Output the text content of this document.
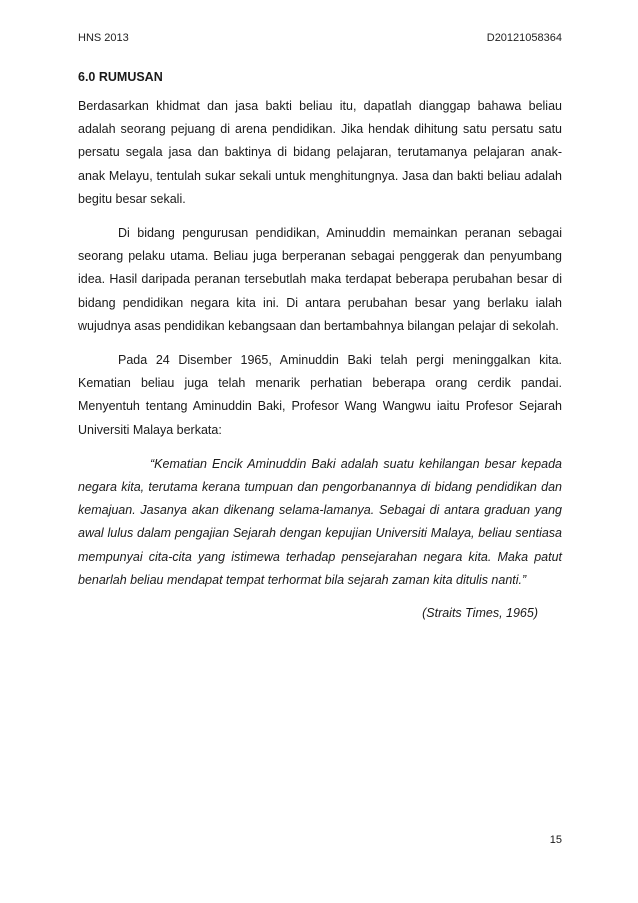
HNS 2013	D20121058364
6.0 RUMUSAN

Berdasarkan khidmat dan jasa bakti beliau itu, dapatlah dianggap bahawa beliau adalah seorang pejuang di arena pendidikan. Jika hendak dihitung satu persatu satu persatu segala jasa dan baktinya di bidang pelajaran, terutamanya pelajaran anak-anak Melayu, tentulah sukar sekali untuk menghitungnya. Jasa dan bakti beliau adalah begitu besar sekali.

Di bidang pengurusan pendidikan, Aminuddin memainkan peranan sebagai seorang pelaku utama. Beliau juga berperanan sebagai penggerak dan penyumbang idea. Hasil daripada peranan tersebutlah maka terdapat beberapa perubahan besar di bidang pendidikan negara kita ini. Di antara perubahan besar yang berlaku ialah wujudnya asas pendidikan kebangsaan dan bertambahnya bilangan pelajar di sekolah.

Pada 24 Disember 1965, Aminuddin Baki telah pergi meninggalkan kita. Kematian beliau juga telah menarik perhatian beberapa orang cerdik pandai. Menyentuh tentang Aminuddin Baki, Profesor Wang Wangwu iaitu Profesor Sejarah Universiti Malaya berkata:

“Kematian Encik Aminuddin Baki adalah suatu kehilangan besar kepada negara kita, terutama kerana tumpuan dan pengorbanannya di bidang pendidikan dan kemajuan. Jasanya akan dikenang selama-lamanya. Sebagai di antara graduan yang awal lulus dalam pengajian Sejarah dengan kepujian Universiti Malaya, beliau sentiasa mempunyai cita-cita yang istimewa terhadap pensejarahan negara kita. Maka patut benarlah beliau mendapat tempat terhormat bila sejarah zaman kita ditulis nanti.”

(Straits Times, 1965)
15
